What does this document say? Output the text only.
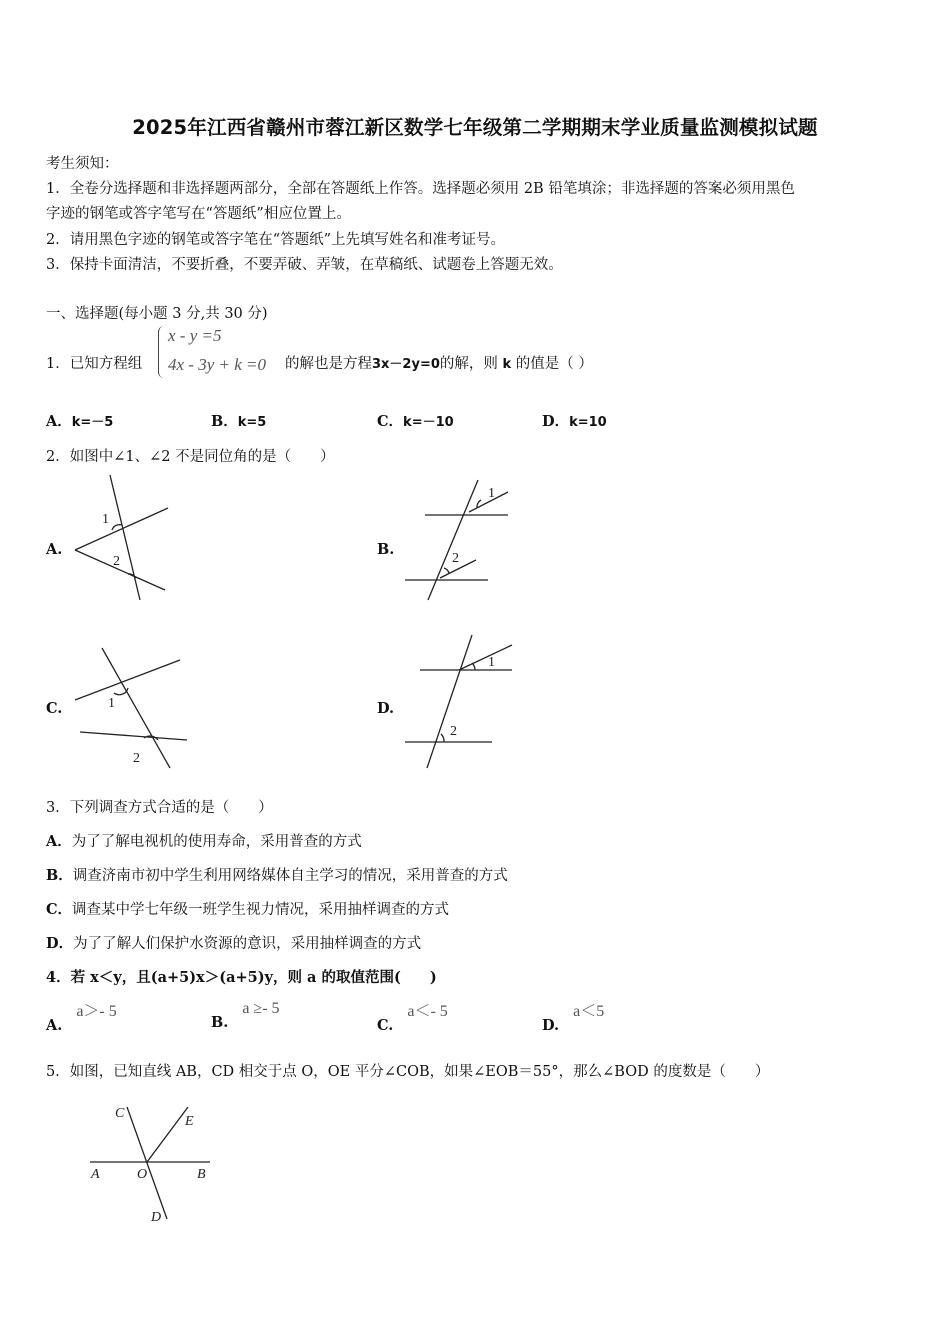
2025年江西省赣州市蓉江新区数学七年级第二学期期末学业质量监测模拟试题
考生须知：
1．全卷分选择题和非选择题两部分，全部在答题纸上作答。选择题必须用 2B 铅笔填涂；非选择题的答案必须用黑色
字迹的钢笔或答字笔写在“答题纸”相应位置上。
2．请用黑色字迹的钢笔或答字笔在“答题纸”上先填写姓名和准考证号。
3．保持卡面清洁，不要折叠，不要弄破、弄皱，在草稿纸、试题卷上答题无效。
一、选择题(每小题 3 分,共 30 分)
1．已知方程组
x - y =5
4x - 3y + k =0 的解也是方程3x－2y=0的解，则 k 的值是（ ）
A．k=－5	B．k=5	C．k=－10	D．k=10
2．如图中∠1、∠2 不是同位角的是（　　）
A.
1
2
B.
1
2
C.	1
2
D.
1
2
3．下列调查方式合适的是（　　）
A．为了了解电视机的使用寿命，采用普查的方式
B．调查济南市初中学生利用网络媒体自主学习的情况，采用普查的方式
C．调查某中学七年级一班学生视力情况，采用抽样调查的方式
D．为了了解人们保护水资源的意识，采用抽样调查的方式
4．若 x＜y，且(a+5)x＞(a+5)y，则 a 的取值范围(　　)
A.a＞- 5
B.a ≥- 5
C.a＜- 5
D.a＜5
5．如图，已知直线 AB，CD 相交于点 O，OE 平分∠COB，如果∠EOB＝55°，那么∠BOD 的度数是（　　）
C
E
A	O	B
D
